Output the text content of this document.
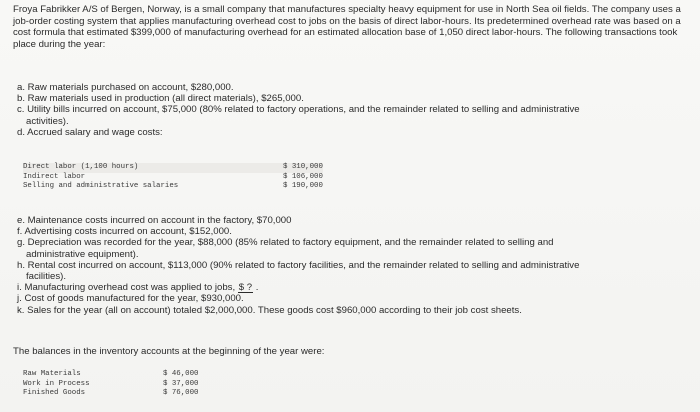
Froya Fabrikker A/S of Bergen, Norway, is a small company that manufactures specialty heavy equipment for use in North Sea oil fields. The company uses a job-order costing system that applies manufacturing overhead cost to jobs on the basis of direct labor-hours. Its predetermined overhead rate was based on a cost formula that estimated $399,000 of manufacturing overhead for an estimated allocation base of 1,050 direct labor-hours. The following transactions took place during the year:

a. Raw materials purchased on account, $280,000.
b. Raw materials used in production (all direct materials), $265,000.
c. Utility bills incurred on account, $75,000 (80% related to factory operations, and the remainder related to selling and administrative
activities).
d. Accrued salary and wage costs:
Direct labor (1,100 hours)	$ 310,000
Indirect labor	$ 106,000
Selling and administrative salaries	$ 190,000
e. Maintenance costs incurred on account in the factory, $70,000
f. Advertising costs incurred on account, $152,000.
g. Depreciation was recorded for the year, $88,000 (85% related to factory equipment, and the remainder related to selling and
administrative equipment).
h. Rental cost incurred on account, $113,000 (90% related to factory facilities, and the remainder related to selling and administrative
facilities).
i. Manufacturing overhead cost was applied to jobs, $ ? .
j. Cost of goods manufactured for the year, $930,000.
k. Sales for the year (all on account) totaled $2,000,000. These goods cost $960,000 according to their job cost sheets.

The balances in the inventory accounts at the beginning of the year were:

Raw Materials	$ 46,000
Work in Process	$ 37,000
Finished Goods	$ 76,000
